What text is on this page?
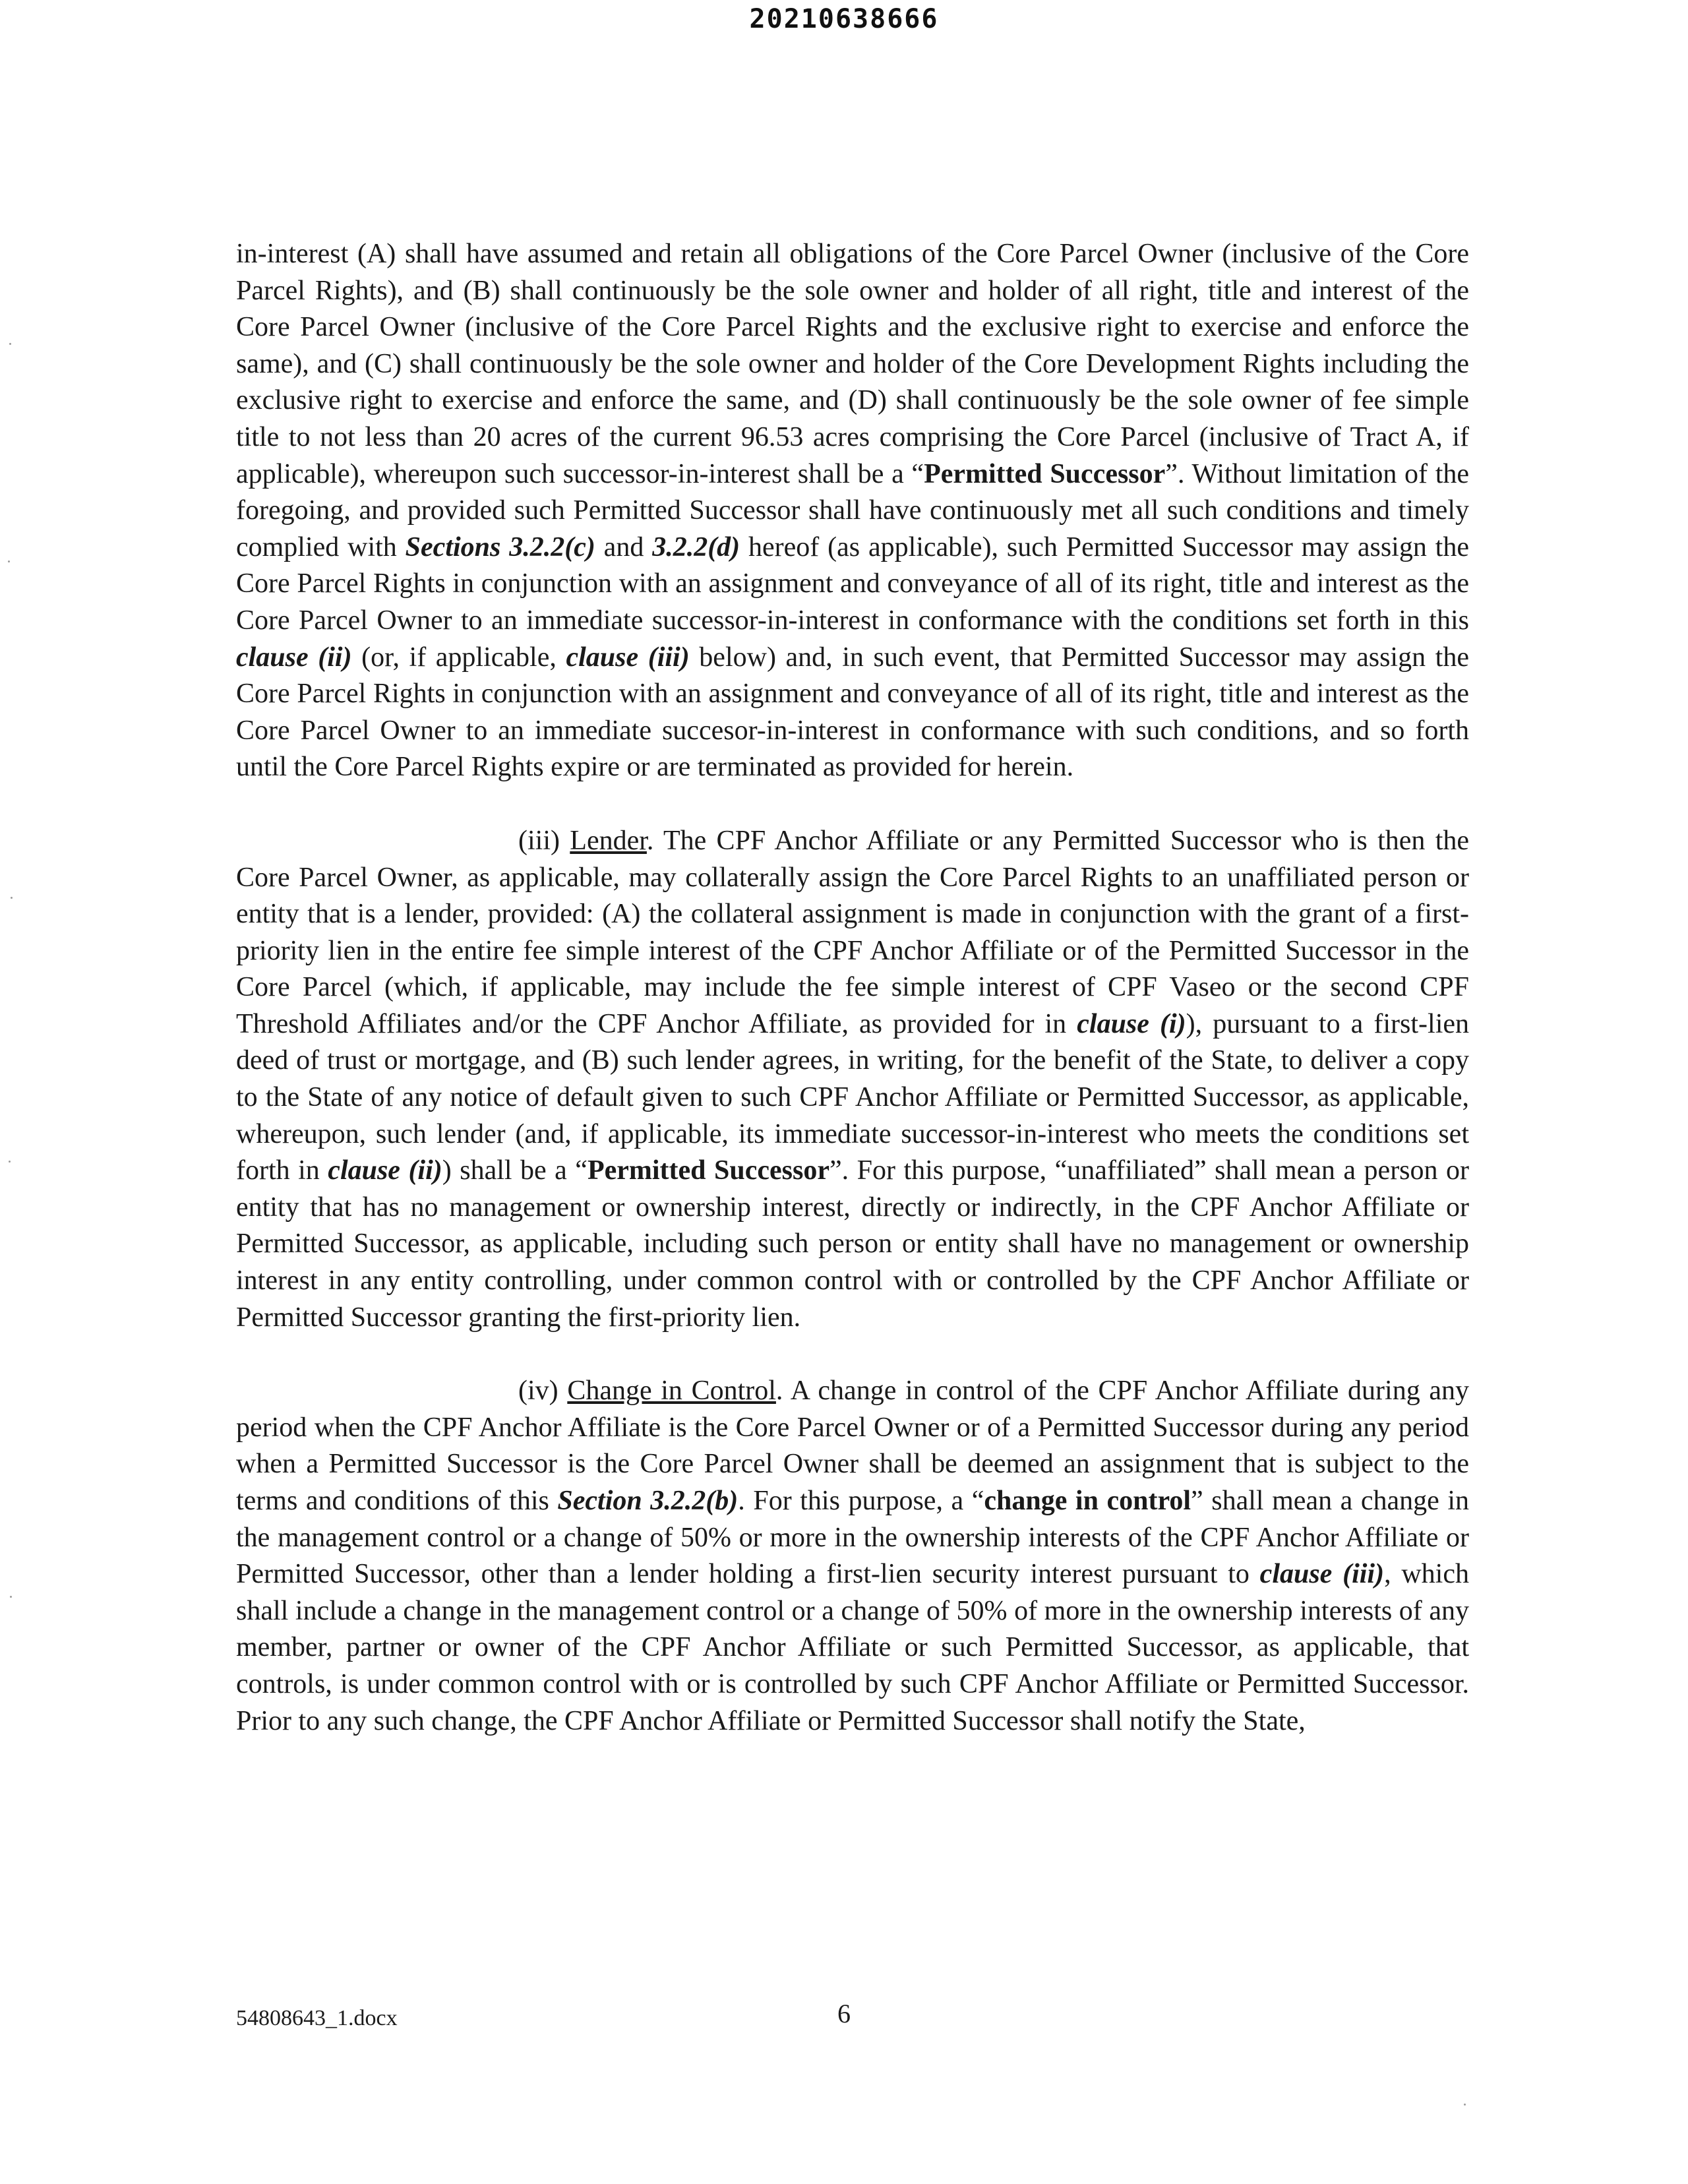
20210638666

in-interest (A) shall have assumed and retain all obligations of the Core Parcel Owner (inclusive of the Core Parcel Rights), and (B) shall continuously be the sole owner and holder of all right, title and interest of the Core Parcel Owner (inclusive of the Core Parcel Rights and the exclusive right to exercise and enforce the same), and (C) shall continuously be the sole owner and holder of the Core Development Rights including the exclusive right to exercise and enforce the same, and (D) shall continuously be the sole owner of fee simple title to not less than 20 acres of the current 96.53 acres comprising the Core Parcel (inclusive of Tract A, if applicable), whereupon such successor-in-interest shall be a “Permitted Successor”. Without limitation of the foregoing, and provided such Permitted Successor shall have continuously met all such conditions and timely complied with Sections 3.2.2(c) and 3.2.2(d) hereof (as applicable), such Permitted Successor may assign the Core Parcel Rights in conjunction with an assignment and conveyance of all of its right, title and interest as the Core Parcel Owner to an immediate successor-in-interest in conformance with the conditions set forth in this clause (ii) (or, if applicable, clause (iii) below) and, in such event, that Permitted Successor may assign the Core Parcel Rights in conjunction with an assignment and conveyance of all of its right, title and interest as the Core Parcel Owner to an immediate succesor-in-interest in conformance with such conditions, and so forth until the Core Parcel Rights expire or are terminated as provided for herein.

(iii) Lender. The CPF Anchor Affiliate or any Permitted Successor who is then the Core Parcel Owner, as applicable, may collaterally assign the Core Parcel Rights to an unaffiliated person or entity that is a lender, provided: (A) the collateral assignment is made in conjunction with the grant of a first-priority lien in the entire fee simple interest of the CPF Anchor Affiliate or of the Permitted Successor in the Core Parcel (which, if applicable, may include the fee simple interest of CPF Vaseo or the second CPF Threshold Affiliates and/or the CPF Anchor Affiliate, as provided for in clause (i)), pursuant to a first-lien deed of trust or mortgage, and (B) such lender agrees, in writing, for the benefit of the State, to deliver a copy to the State of any notice of default given to such CPF Anchor Affiliate or Permitted Successor, as applicable, whereupon, such lender (and, if applicable, its immediate successor-in-interest who meets the conditions set forth in clause (ii)) shall be a “Permitted Successor”. For this purpose, “unaffiliated” shall mean a person or entity that has no management or ownership interest, directly or indirectly, in the CPF Anchor Affiliate or Permitted Successor, as applicable, including such person or entity shall have no management or ownership interest in any entity controlling, under common control with or controlled by the CPF Anchor Affiliate or Permitted Successor granting the first-priority lien.

(iv) Change in Control. A change in control of the CPF Anchor Affiliate during any period when the CPF Anchor Affiliate is the Core Parcel Owner or of a Permitted Successor during any period when a Permitted Successor is the Core Parcel Owner shall be deemed an assignment that is subject to the terms and conditions of this Section 3.2.2(b). For this purpose, a “change in control” shall mean a change in the management control or a change of 50% or more in the ownership interests of the CPF Anchor Affiliate or Permitted Successor, other than a lender holding a first-lien security interest pursuant to clause (iii), which shall include a change in the management control or a change of 50% of more in the ownership interests of any member, partner or owner of the CPF Anchor Affiliate or such Permitted Successor, as applicable, that controls, is under common control with or is controlled by such CPF Anchor Affiliate or Permitted Successor. Prior to any such change, the CPF Anchor Affiliate or Permitted Successor shall notify the State,

54808643_1.docx	6
